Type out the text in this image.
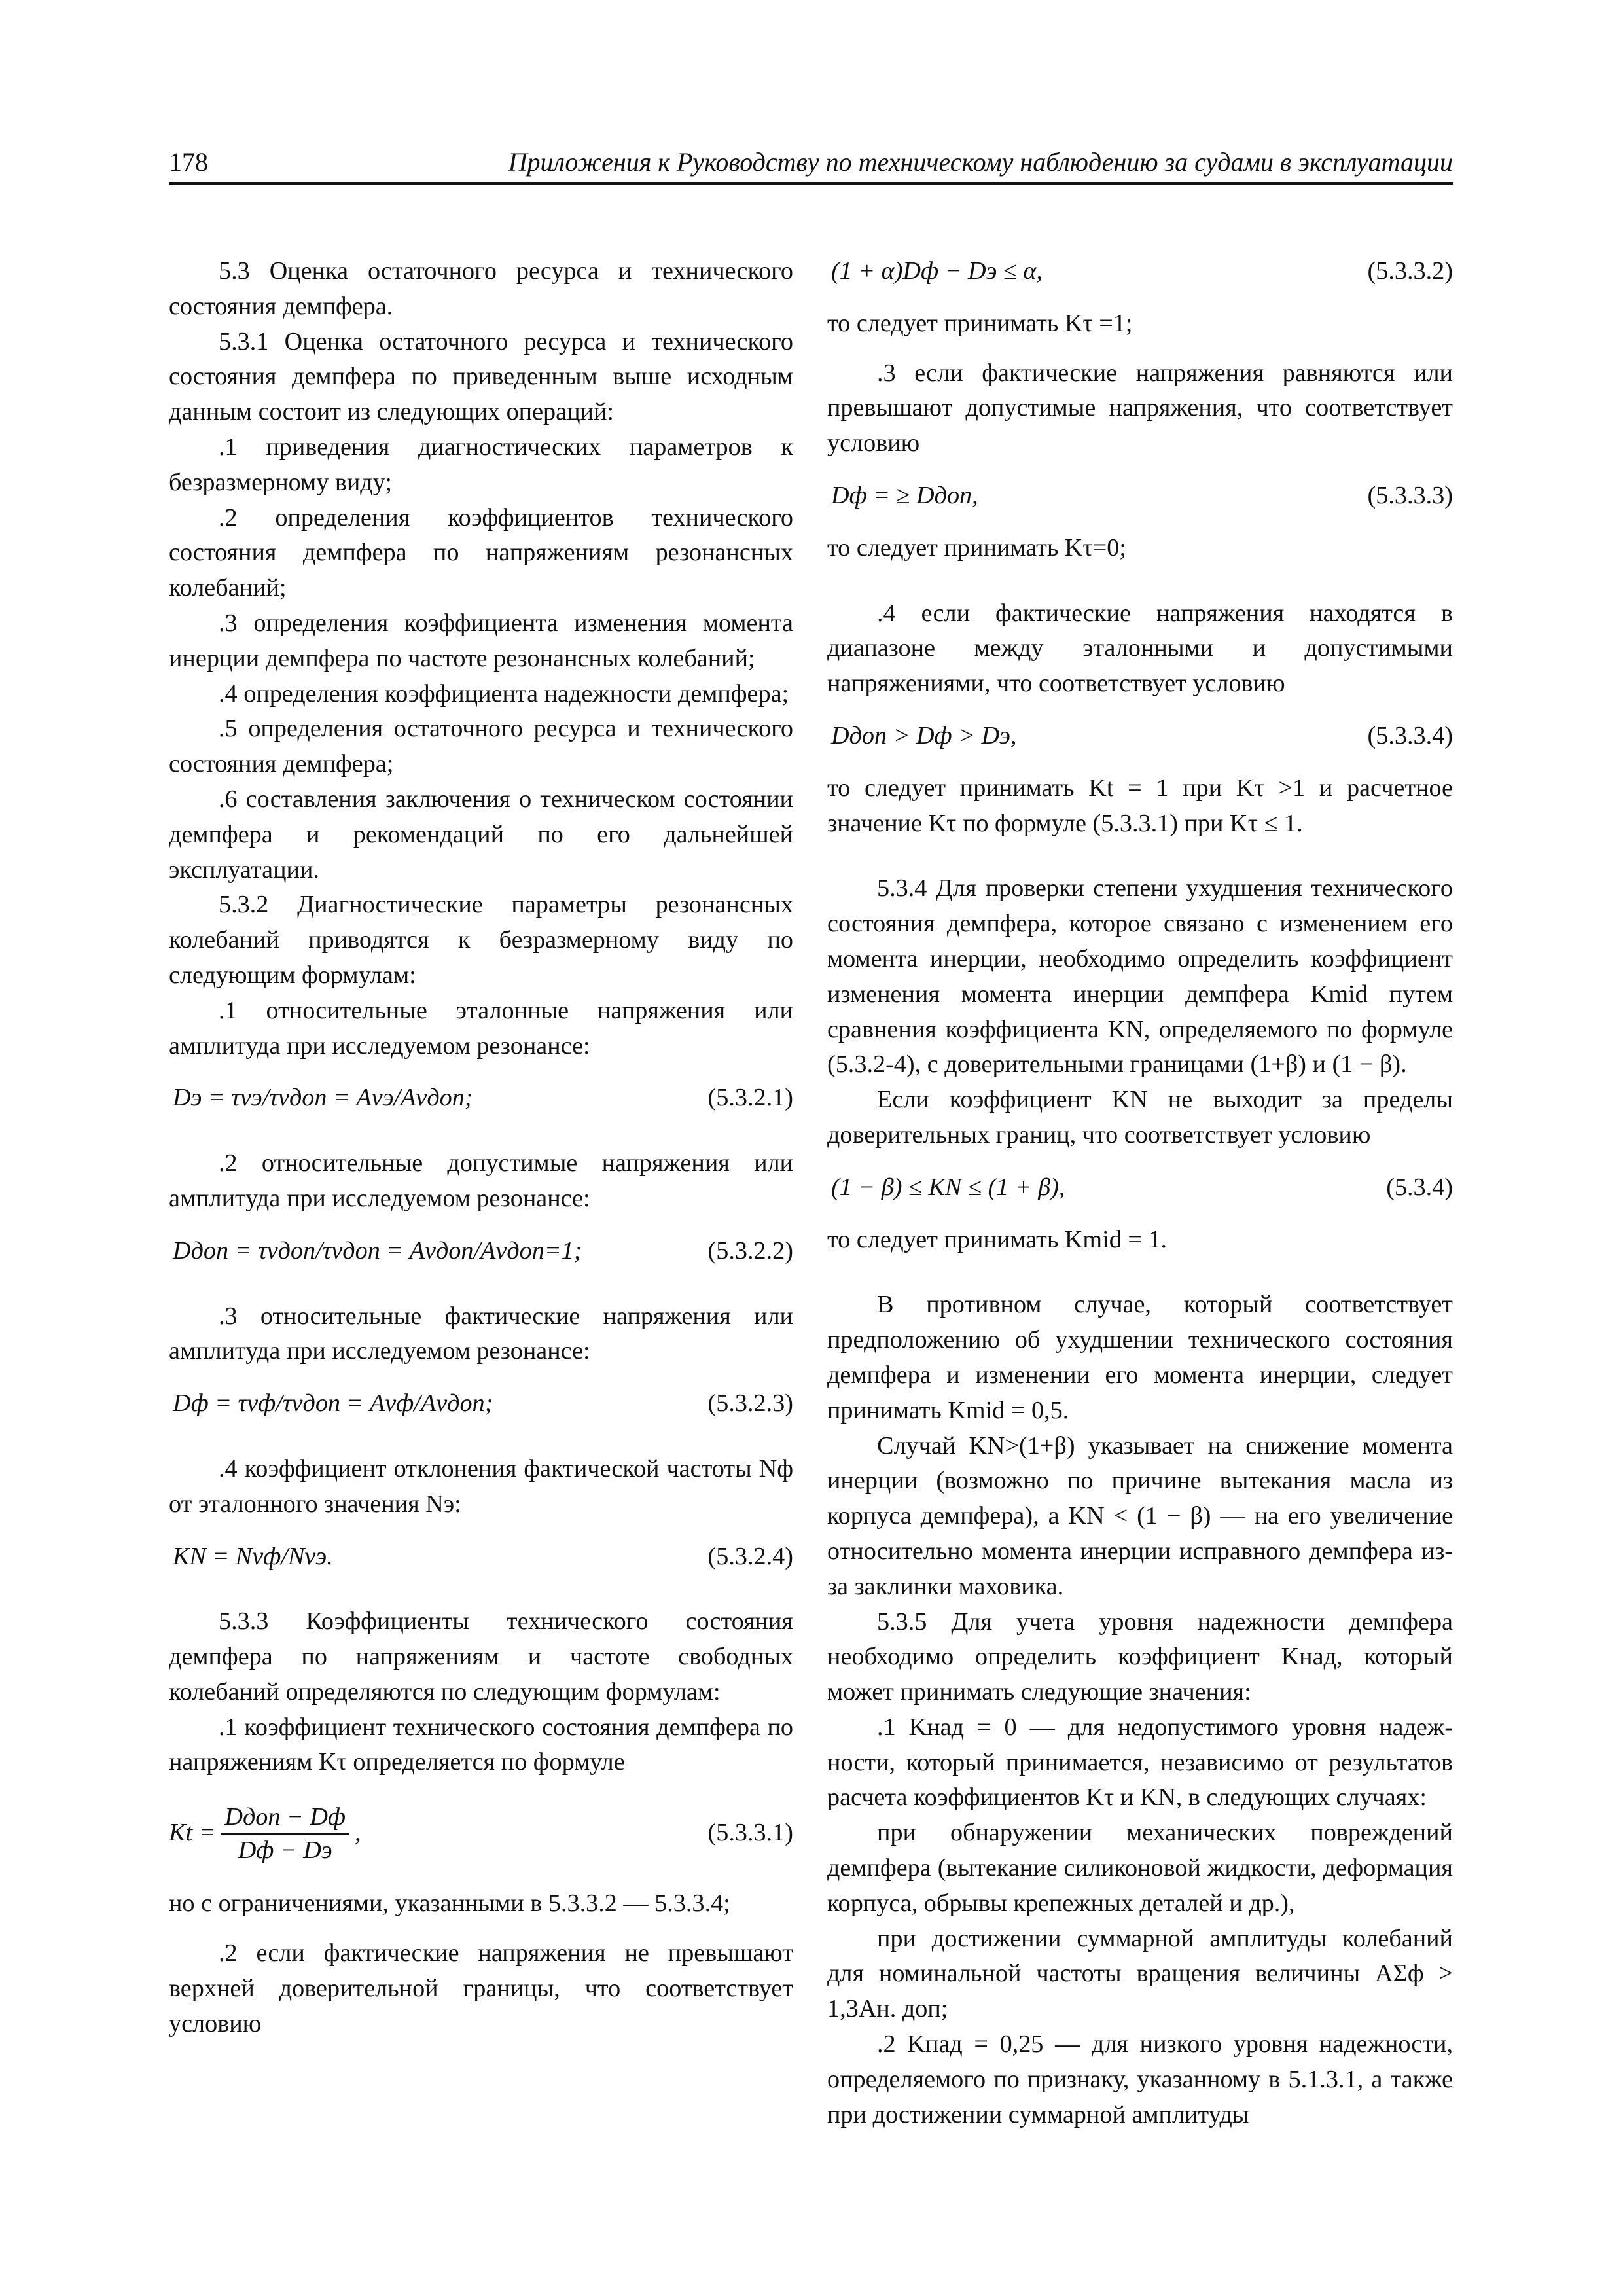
178	Приложения к Руководству по техническому наблюдению за судами в эксплуатации

5.3 Оценка остаточного ресурса и технического состояния демпфера.

5.3.1 Оценка остаточного ресурса и технического состояния демпфера по приведенным выше исходным данным состоит из следующих операций:

.1 приведения диагностических параметров к безразмерному виду;

.2 определения коэффициентов технического состояния демпфера по напряжениям резонансных колебаний;

.3 определения коэффициента изменения момента инерции демпфера по частоте резонансных колебаний;

.4 определения коэффициента надежности демпфера;

.5 определения остаточного ресурса и технического состояния демпфера;

.6 составления заключения о техническом состоянии демпфера и рекомендаций по его дальнейшей эксплуатации.

5.3.2 Диагностические параметры резонансных колебаний приводятся к безразмерному виду по следующим формулам:

.1 относительные эталонные напряжения или амплитуда при исследуемом резонансе:

Dэ = τνэ/τνдоп = Aνэ/Aνдоп;	(5.3.2.1)

.2 относительные допустимые напряжения или амплитуда при исследуемом резонансе:

Dдоп = τνдоп/τνдоп = Aνдоп/Aνдоп=1;	(5.3.2.2)

.3 относительные фактические напряжения или амплитуда при исследуемом резонансе:

Dф = τνф/τνдоп = Aνф/Aνдоп;	(5.3.2.3)

.4 коэффициент отклонения фактической частоты Nф от эталонного значения Nэ:

KN = Nνф/Nνэ.	(5.3.2.4)

5.3.3 Коэффициенты технического состояния демпфера по напряжениям и частоте свободных колебаний определяются по следующим формулам:

.1 коэффициент технического состояния демпфера по напряжениям Kτ определяется по формуле

$Kt = \frac{\text{Dдоп − Dф}}{Dф - Dэ}$ ,	(5.3.3.1)

но с ограничениями, указанными в 5.3.3.2 — 5.3.3.4;

.2 если фактические напряжения не превышают верхней доверительной границы, что соответствует условию

(1 + α)Dф − Dэ ≤ α,	(5.3.3.2)

то следует принимать Kτ =1;

.3 если фактические напряжения равняются или превышают допустимые напряжения, что соответствует условию

Dф = ≥ Dдоп,	(5.3.3.3)

то следует принимать Kτ=0;

.4 если фактические напряжения находятся в диапазоне между эталонными и допустимыми напряжениями, что соответствует условию

Dдоп > Dф > Dэ,	(5.3.3.4)

то следует принимать Kt = 1 при Kτ >1 и расчетное значение Kτ по формуле (5.3.3.1) при Kτ ≤ 1.

5.3.4 Для проверки степени ухудшения технического состояния демпфера, которое связано с изменением его момента инерции, необходимо определить коэффициент изменения момента инерции демпфера Kmid путем сравнения коэффициента KN, определяемого по формуле (5.3.2-4), с доверительными границами (1+β) и (1 − β).

Если коэффициент KN не выходит за пределы доверительных границ, что соответствует условию

(1 − β) ≤ KN ≤ (1 + β),	(5.3.4)

то следует принимать Kmid = 1.

В противном случае, который соответствует предположению об ухудшении технического состояния демпфера и изменении его момента инерции, следует принимать Kmid = 0,5.

Случай KN>(1+β) указывает на снижение момента инерции (возможно по причине вытекания масла из корпуса демпфера), а KN < (1 − β) — на его увеличение относительно момента инерции исправного демпфера из-за заклинки маховика.

5.3.5 Для учета уровня надежности демпфера необходимо определить коэффициент Kнад, который может принимать следующие значения:

.1 Kнад = 0 — для недопустимого уровня надежности, который принимается, независимо от результатов расчета коэффициентов Kτ и KN, в следующих случаях:

при обнаружении механических повреждений демпфера (вытекание силиконовой жидкости, деформация корпуса, обрывы крепежных деталей и др.),

при достижении суммарной амплитуды колебаний для номинальной частоты вращения величины AΣф > 1,3Aн. доп;

.2 Kпад = 0,25 — для низкого уровня надежности, определяемого по признаку, указанному в 5.1.3.1, а также при достижении суммарной амплитуды
